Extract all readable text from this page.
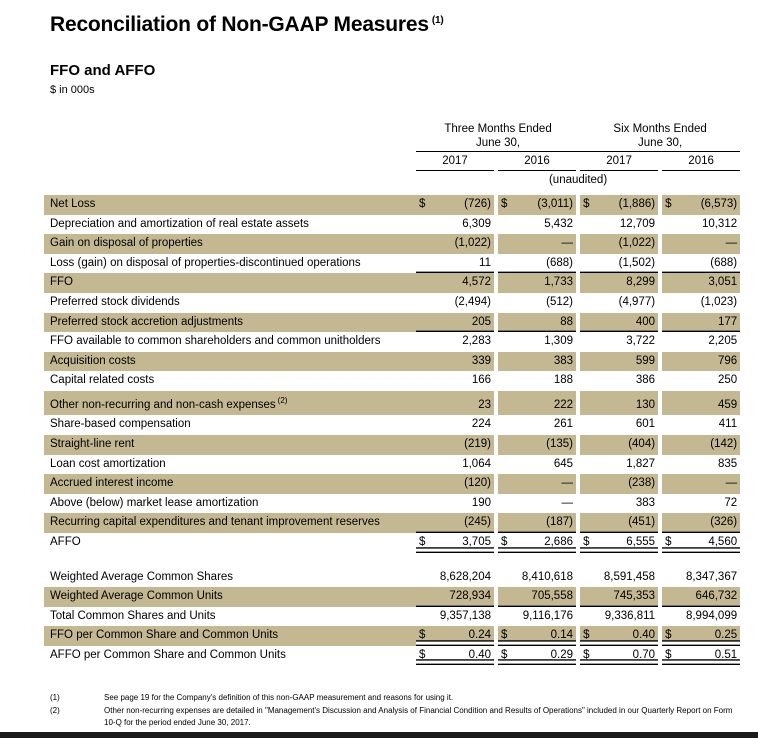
Reconciliation of Non-GAAP Measures $^{(1)}$
FFO and AFFO
$ in 000s
	Three Months Ended
June 30,						Six Months Ended
June 30,				

	2017			2016			2017			2016	
	(unaudited)										

Net Loss	$	(726)		$	(3,011)		$	(1,886)		$	(6,573)
Depreciation and amortization of real estate assets		6,309			5,432			12,709			10,312
Gain on disposal of properties		(1,022)			—			(1,022)			—
Loss (gain) on disposal of properties-discontinued operations		11			(688)			(1,502)			(688)
FFO		4,572			1,733			8,299			3,051
Preferred stock dividends		(2,494)			(512)			(4,977)			(1,023)
Preferred stock accretion adjustments		205			88			400			177
FFO available to common shareholders and common unitholders		2,283			1,309			3,722			2,205
Acquisition costs		339			383			599			796
Capital related costs		166			188			386			250
Other non-recurring and non-cash expenses $^{(2)}$		23			222			130			459
Share-based compensation		224			261			601			411
Straight-line rent		(219)			(135)			(404)			(142)
Loan cost amortization		1,064			645			1,827			835
Accrued interest income		(120)			—			(238)			—
Above (below) market lease amortization		190			—			383			72
Recurring capital expenditures and tenant improvement reserves		(245)			(187)			(451)			(326)
AFFO	$	3,705		$	2,686		$	6,555		$	4,560

Weighted Average Common Shares		8,628,204			8,410,618			8,591,458			8,347,367
Weighted Average Common Units		728,934			705,558			745,353			646,732
Total Common Shares and Units		9,357,138			9,116,176			9,336,811			8,994,099
FFO per Common Share and Common Units	$	0.24		$	0.14		$	0.40		$	0.25
AFFO per Common Share and Common Units	$	0.40		$	0.29		$	0.70		$	0.51
(1)	See page 19 for the Company's definition of this non-GAAP measurement and reasons for using it.
(2)	Other non-recurring expenses are detailed in "Management's Discussion and Analysis of Financial Condition and Results of Operations" included in our Quarterly Report on Form 10-Q for the period ended June 30, 2017.
